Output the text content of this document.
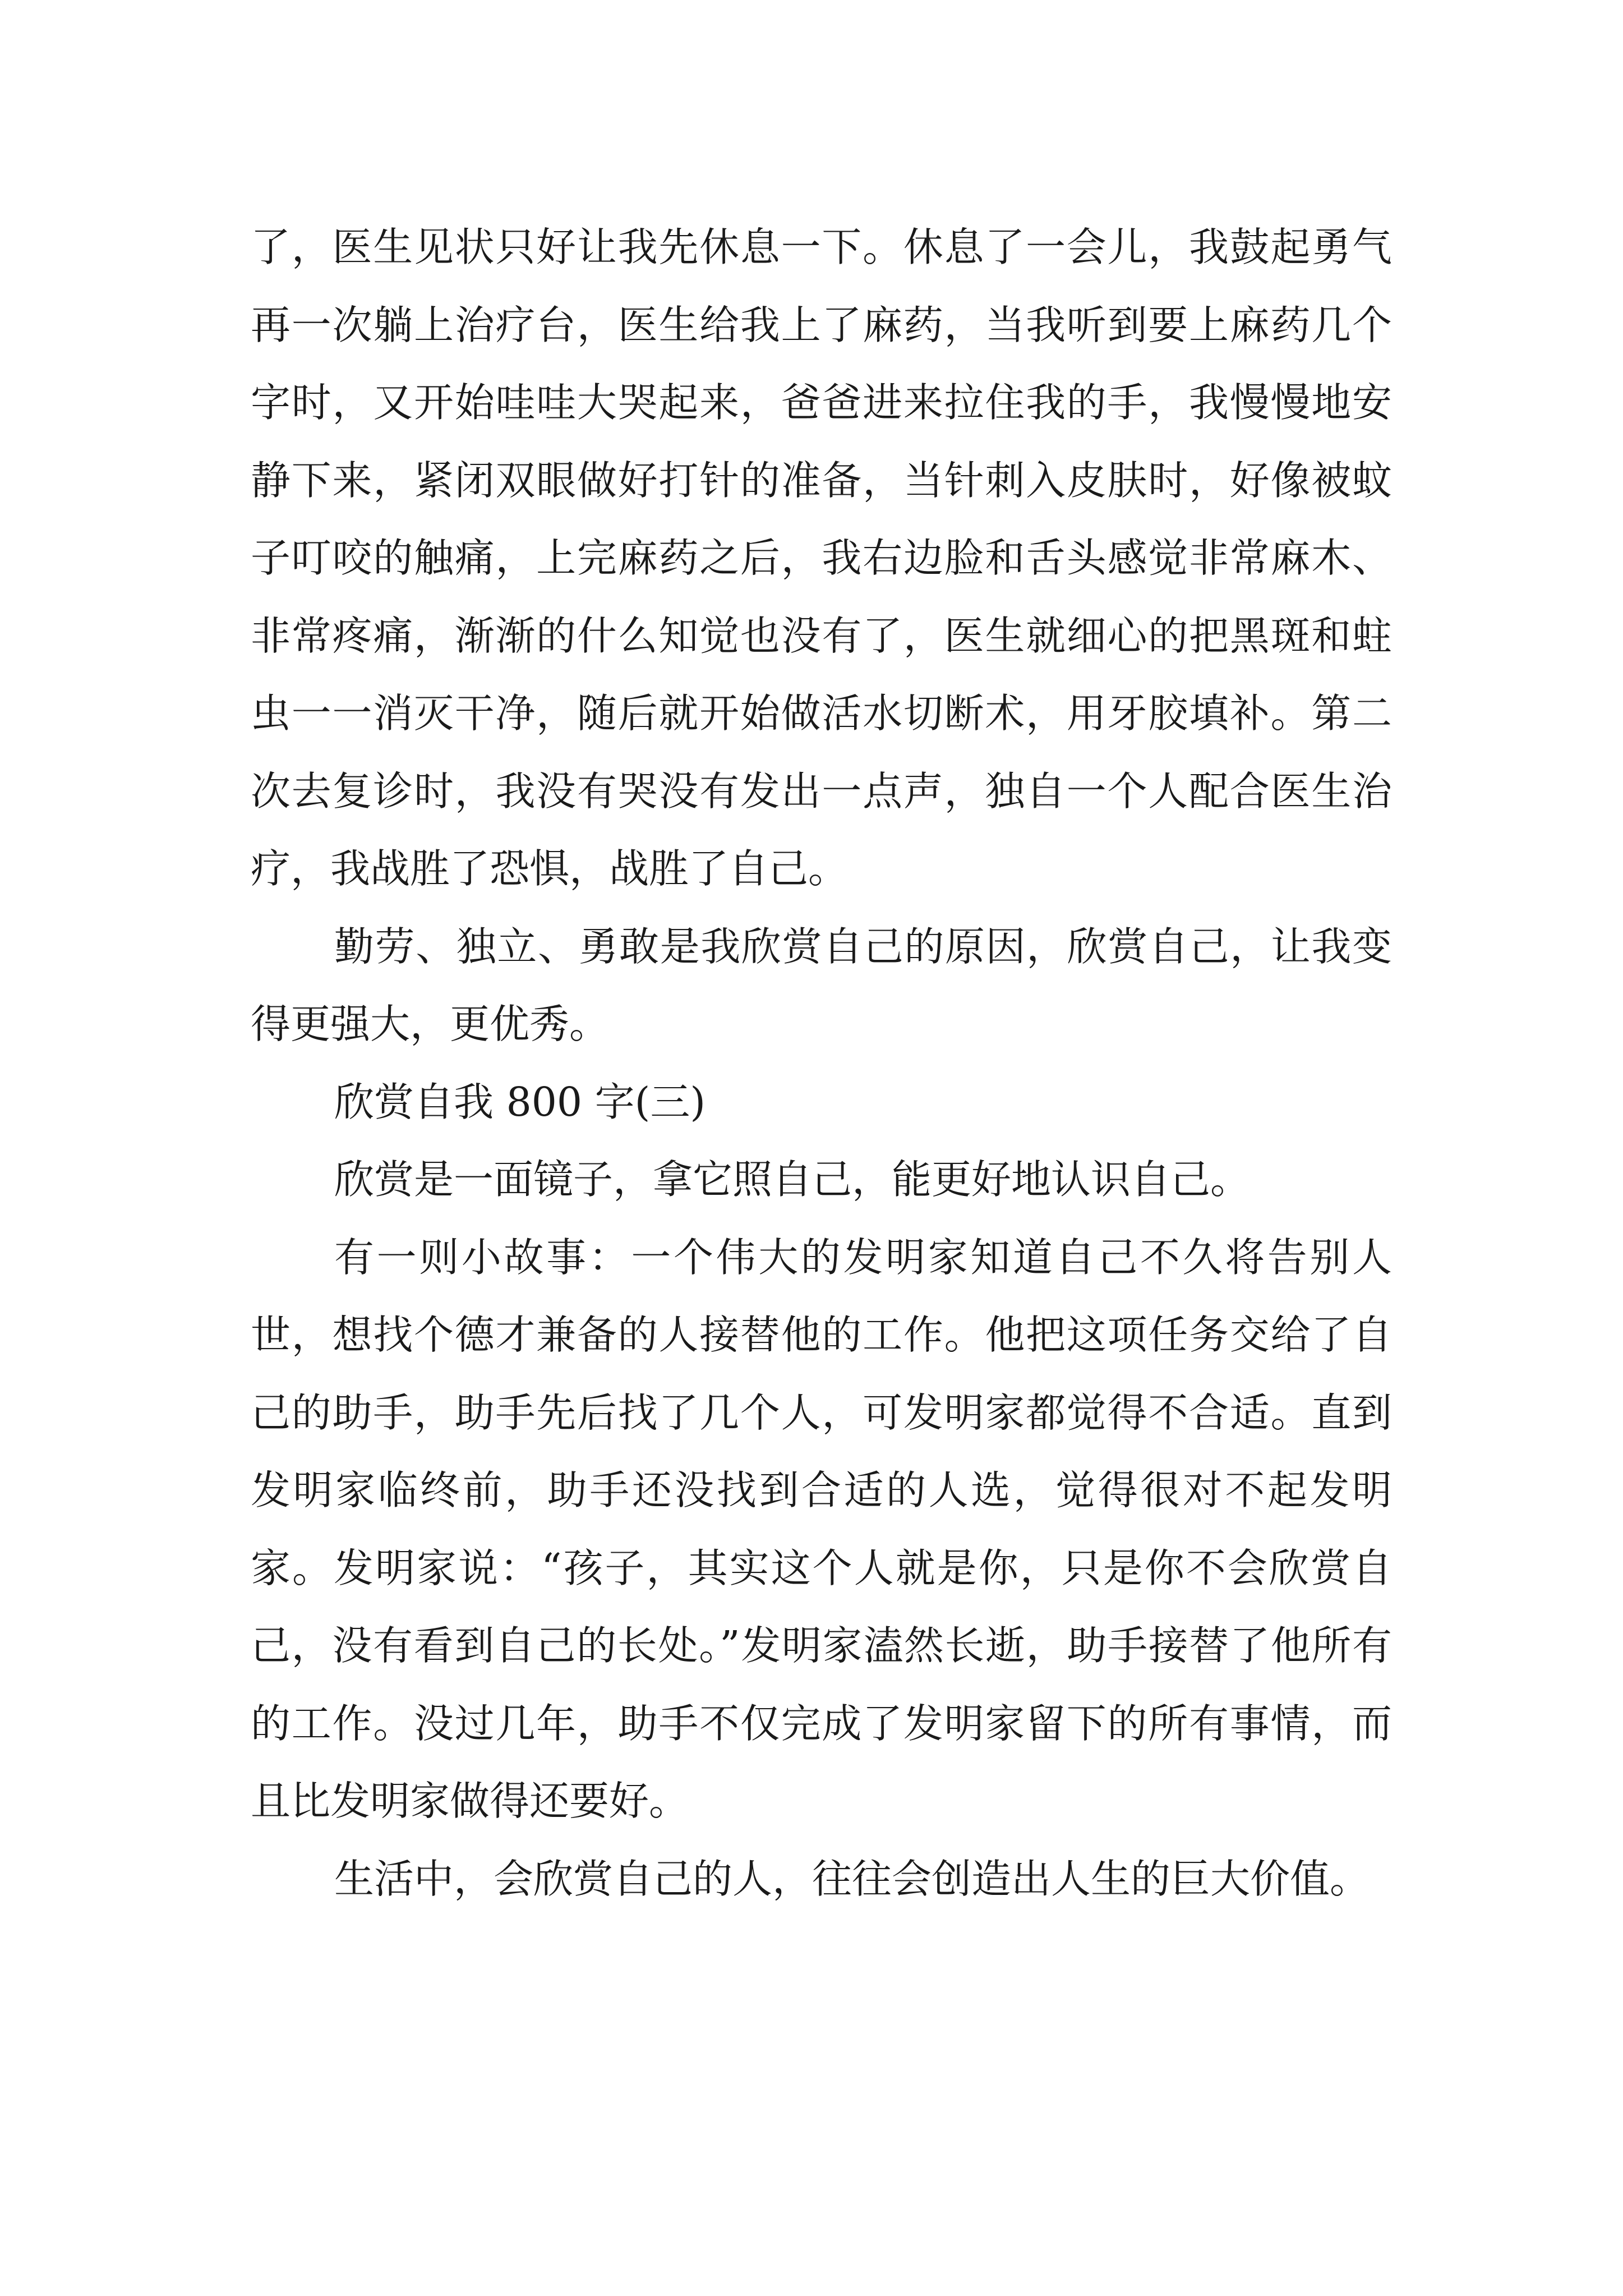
了，医生见状只好让我先休息一下。休息了一会儿，我鼓起勇气再一次躺上治疗台，医生给我上了麻药，当我听到要上麻药几个字时，又开始哇哇大哭起来，爸爸进来拉住我的手，我慢慢地安静下来，紧闭双眼做好打针的准备，当针刺入皮肤时，好像被蚊子叮咬的触痛，上完麻药之后，我右边脸和舌头感觉非常麻木、非常疼痛，渐渐的什么知觉也没有了，医生就细心的把黑斑和蛀虫一一消灭干净，随后就开始做活水切断术，用牙胶填补。第二次去复诊时，我没有哭没有发出一点声，独自一个人配合医生治疗，我战胜了恐惧，战胜了自己。

勤劳、独立、勇敢是我欣赏自己的原因，欣赏自己，让我变得更强大，更优秀。

欣赏自我 800 字(三)

欣赏是一面镜子，拿它照自己，能更好地认识自己。

有一则小故事：一个伟大的发明家知道自己不久将告别人世，想找个德才兼备的人接替他的工作。他把这项任务交给了自己的助手，助手先后找了几个人，可发明家都觉得不合适。直到发明家临终前，助手还没找到合适的人选，觉得很对不起发明家。发明家说：“孩子，其实这个人就是你，只是你不会欣赏自己，没有看到自己的长处。”发明家溘然长逝，助手接替了他所有的工作。没过几年，助手不仅完成了发明家留下的所有事情，而且比发明家做得还要好。

生活中，会欣赏自己的人，往往会创造出人生的巨大价值。
